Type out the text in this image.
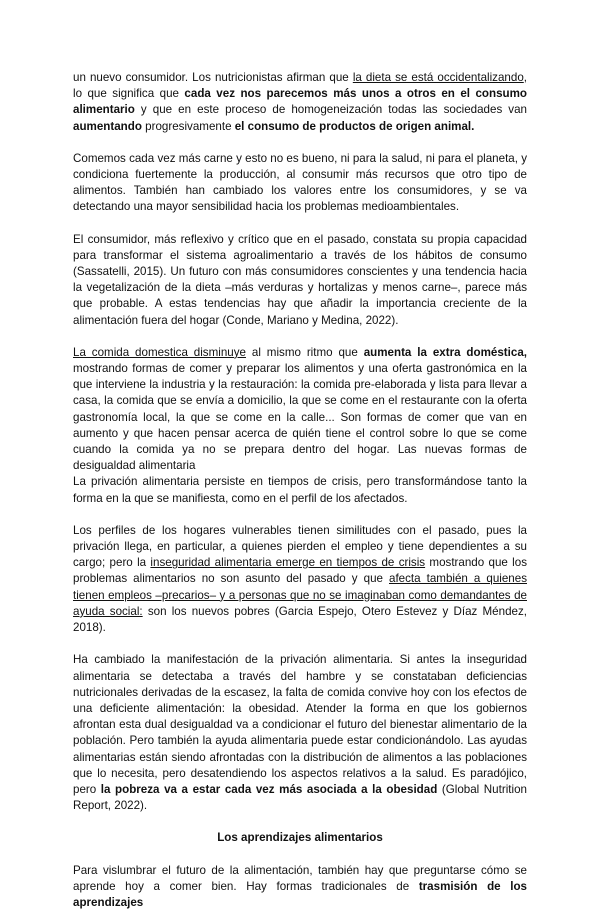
un nuevo consumidor. Los nutricionistas afirman que la dieta se está occidentalizando, lo que significa que cada vez nos parecemos más unos a otros en el consumo alimentario y que en este proceso de homogeneización todas las sociedades van aumentando progresivamente el consumo de productos de origen animal.

Comemos cada vez más carne y esto no es bueno, ni para la salud, ni para el planeta, y condiciona fuertemente la producción, al consumir más recursos que otro tipo de alimentos. También han cambiado los valores entre los consumidores, y se va detectando una mayor sensibilidad hacia los problemas medioambientales.

El consumidor, más reflexivo y crítico que en el pasado, constata su propia capacidad para transformar el sistema agroalimentario a través de los hábitos de consumo (Sassatelli, 2015). Un futuro con más consumidores conscientes y una tendencia hacia la vegetalización de la dieta –más verduras y hortalizas y menos carne–, parece más que probable. A estas tendencias hay que añadir la importancia creciente de la alimentación fuera del hogar (Conde, Mariano y Medina, 2022).

La comida domestica disminuye al mismo ritmo que aumenta la extra doméstica, mostrando formas de comer y preparar los alimentos y una oferta gastronómica en la que interviene la industria y la restauración: la comida pre-elaborada y lista para llevar a casa, la comida que se envía a domicilio, la que se come en el restaurante con la oferta gastronomía local, la que se come en la calle... Son formas de comer que van en aumento y que hacen pensar acerca de quién tiene el control sobre lo que se come cuando la comida ya no se prepara dentro del hogar. Las nuevas formas de desigualdad alimentaria

La privación alimentaria persiste en tiempos de crisis, pero transformándose tanto la forma en la que se manifiesta, como en el perfil de los afectados.

Los perfiles de los hogares vulnerables tienen similitudes con el pasado, pues la privación llega, en particular, a quienes pierden el empleo y tiene dependientes a su cargo; pero la inseguridad alimentaria emerge en tiempos de crisis mostrando que los problemas alimentarios no son asunto del pasado y que afecta también a quienes tienen empleos –precarios– y a personas que no se imaginaban como demandantes de ayuda social: son los nuevos pobres (Garcia Espejo, Otero Estevez y Díaz Méndez, 2018).

Ha cambiado la manifestación de la privación alimentaria. Si antes la inseguridad alimentaria se detectaba a través del hambre y se constataban deficiencias nutricionales derivadas de la escasez, la falta de comida convive hoy con los efectos de una deficiente alimentación: la obesidad. Atender la forma en que los gobiernos afrontan esta dual desigualdad va a condicionar el futuro del bienestar alimentario de la población. Pero también la ayuda alimentaria puede estar condicionándolo. Las ayudas alimentarias están siendo afrontadas con la distribución de alimentos a las poblaciones que lo necesita, pero desatendiendo los aspectos relativos a la salud. Es paradójico, pero la pobreza va a estar cada vez más asociada a la obesidad (Global Nutrition Report, 2022).

Los aprendizajes alimentarios

Para vislumbrar el futuro de la alimentación, también hay que preguntarse cómo se aprende hoy a comer bien. Hay formas tradicionales de trasmisión de los aprendizajes
